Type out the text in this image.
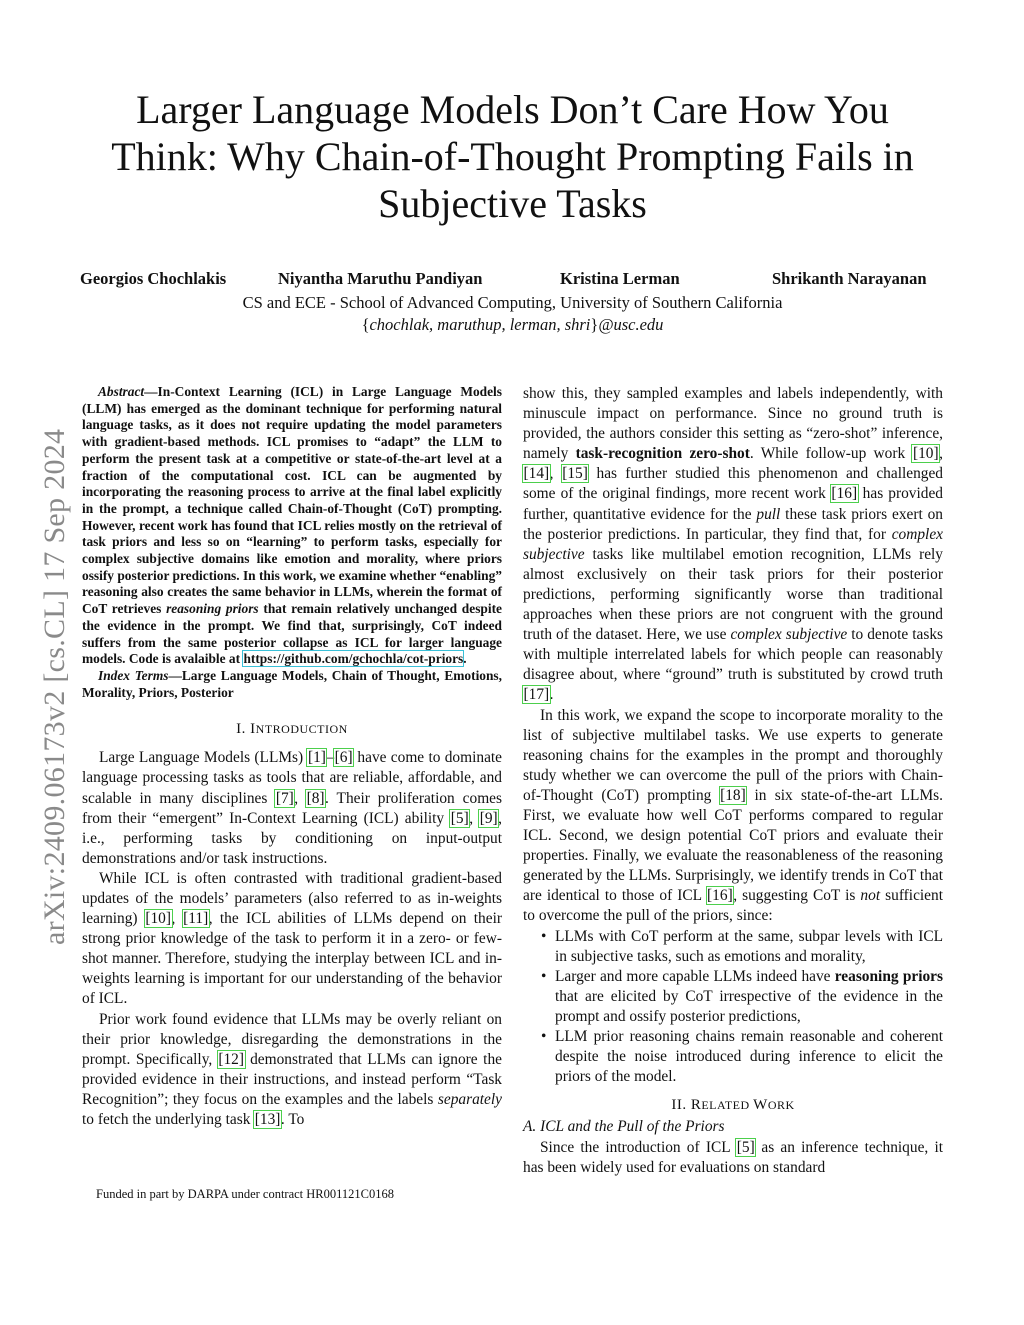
arXiv:2409.06173v2 [cs.CL] 17 Sep 2024
Larger Language Models Don’t Care How You Think: Why Chain-of-Thought Prompting Fails in Subjective Tasks
Georgios Chochlakis	Niyantha Maruthu Pandiyan	Kristina Lerman	Shrikanth Narayanan
CS and ECE - School of Advanced Computing, University of Southern California
{chochlak, maruthup, lerman, shri}@usc.edu

Abstract—In-Context Learning (ICL) in Large Language Models (LLM) has emerged as the dominant technique for performing natural language tasks, as it does not require updating the model parameters with gradient-based methods. ICL promises to “adapt” the LLM to perform the present task at a competitive or state-of-the-art level at a fraction of the computational cost. ICL can be augmented by incorporating the reasoning process to arrive at the final label explicitly in the prompt, a technique called Chain-of-Thought (CoT) prompting. However, recent work has found that ICL relies mostly on the retrieval of task priors and less so on “learning” to perform tasks, especially for complex subjective domains like emotion and morality, where priors ossify posterior predictions. In this work, we examine whether “enabling” reasoning also creates the same behavior in LLMs, wherein the format of CoT retrieves reasoning priors that remain relatively unchanged despite the evidence in the prompt. We find that, surprisingly, CoT indeed suffers from the same posterior collapse as ICL for larger language models. Code is avalaible at https://github.com/gchochla/cot-priors.

Index Terms—Large Language Models, Chain of Thought, Emotions, Morality, Priors, Posterior

I. INTRODUCTION

Large Language Models (LLMs) [1]–[6] have come to dominate language processing tasks as tools that are reliable, affordable, and scalable in many disciplines [7], [8]. Their proliferation comes from their “emergent” In-Context Learning (ICL) ability [5], [9], i.e., performing tasks by conditioning on input-output demonstrations and/or task instructions.

While ICL is often contrasted with traditional gradient-based updates of the models’ parameters (also referred to as in-weights learning) [10], [11], the ICL abilities of LLMs depend on their strong prior knowledge of the task to perform it in a zero- or few-shot manner. Therefore, studying the interplay between ICL and in-weights learning is important for our understanding of the behavior of ICL.

Prior work found evidence that LLMs may be overly reliant on their prior knowledge, disregarding the demonstrations in the prompt. Specifically, [12] demonstrated that LLMs can ignore the provided evidence in their instructions, and instead perform “Task Recognition”; they focus on the examples and the labels separately to fetch the underlying task [13]. To

Funded in part by DARPA under contract HR001121C0168

show this, they sampled examples and labels independently, with minuscule impact on performance. Since no ground truth is provided, the authors consider this setting as “zero-shot” inference, namely task-recognition zero-shot. While follow-up work [10], [14], [15] has further studied this phenomenon and challenged some of the original findings, more recent work [16] has provided further, quantitative evidence for the pull these task priors exert on the posterior predictions. In particular, they find that, for complex subjective tasks like multilabel emotion recognition, LLMs rely almost exclusively on their task priors for their posterior predictions, performing significantly worse than traditional approaches when these priors are not congruent with the ground truth of the dataset. Here, we use complex subjective to denote tasks with multiple interrelated labels for which people can reasonably disagree about, where “ground” truth is substituted by crowd truth [17].

In this work, we expand the scope to incorporate morality to the list of subjective multilabel tasks. We use experts to generate reasoning chains for the examples in the prompt and thoroughly study whether we can overcome the pull of the priors with Chain-of-Thought (CoT) prompting [18] in six state-of-the-art LLMs. First, we evaluate how well CoT performs compared to regular ICL. Second, we design potential CoT priors and evaluate their properties. Finally, we evaluate the reasonableness of the reasoning generated by the LLMs. Surprisingly, we identify trends in CoT that are identical to those of ICL [16], suggesting CoT is not sufficient to overcome the pull of the priors, since:

• LLMs with CoT perform at the same, subpar levels with ICL in subjective tasks, such as emotions and morality,
• Larger and more capable LLMs indeed have reasoning priors that are elicited by CoT irrespective of the evidence in the prompt and ossify posterior predictions,
• LLM prior reasoning chains remain reasonable and coherent despite the noise introduced during inference to elicit the priors of the model.
II. RELATED WORK
A. ICL and the Pull of the Priors

Since the introduction of ICL [5] as an inference technique, it has been widely used for evaluations on standard
